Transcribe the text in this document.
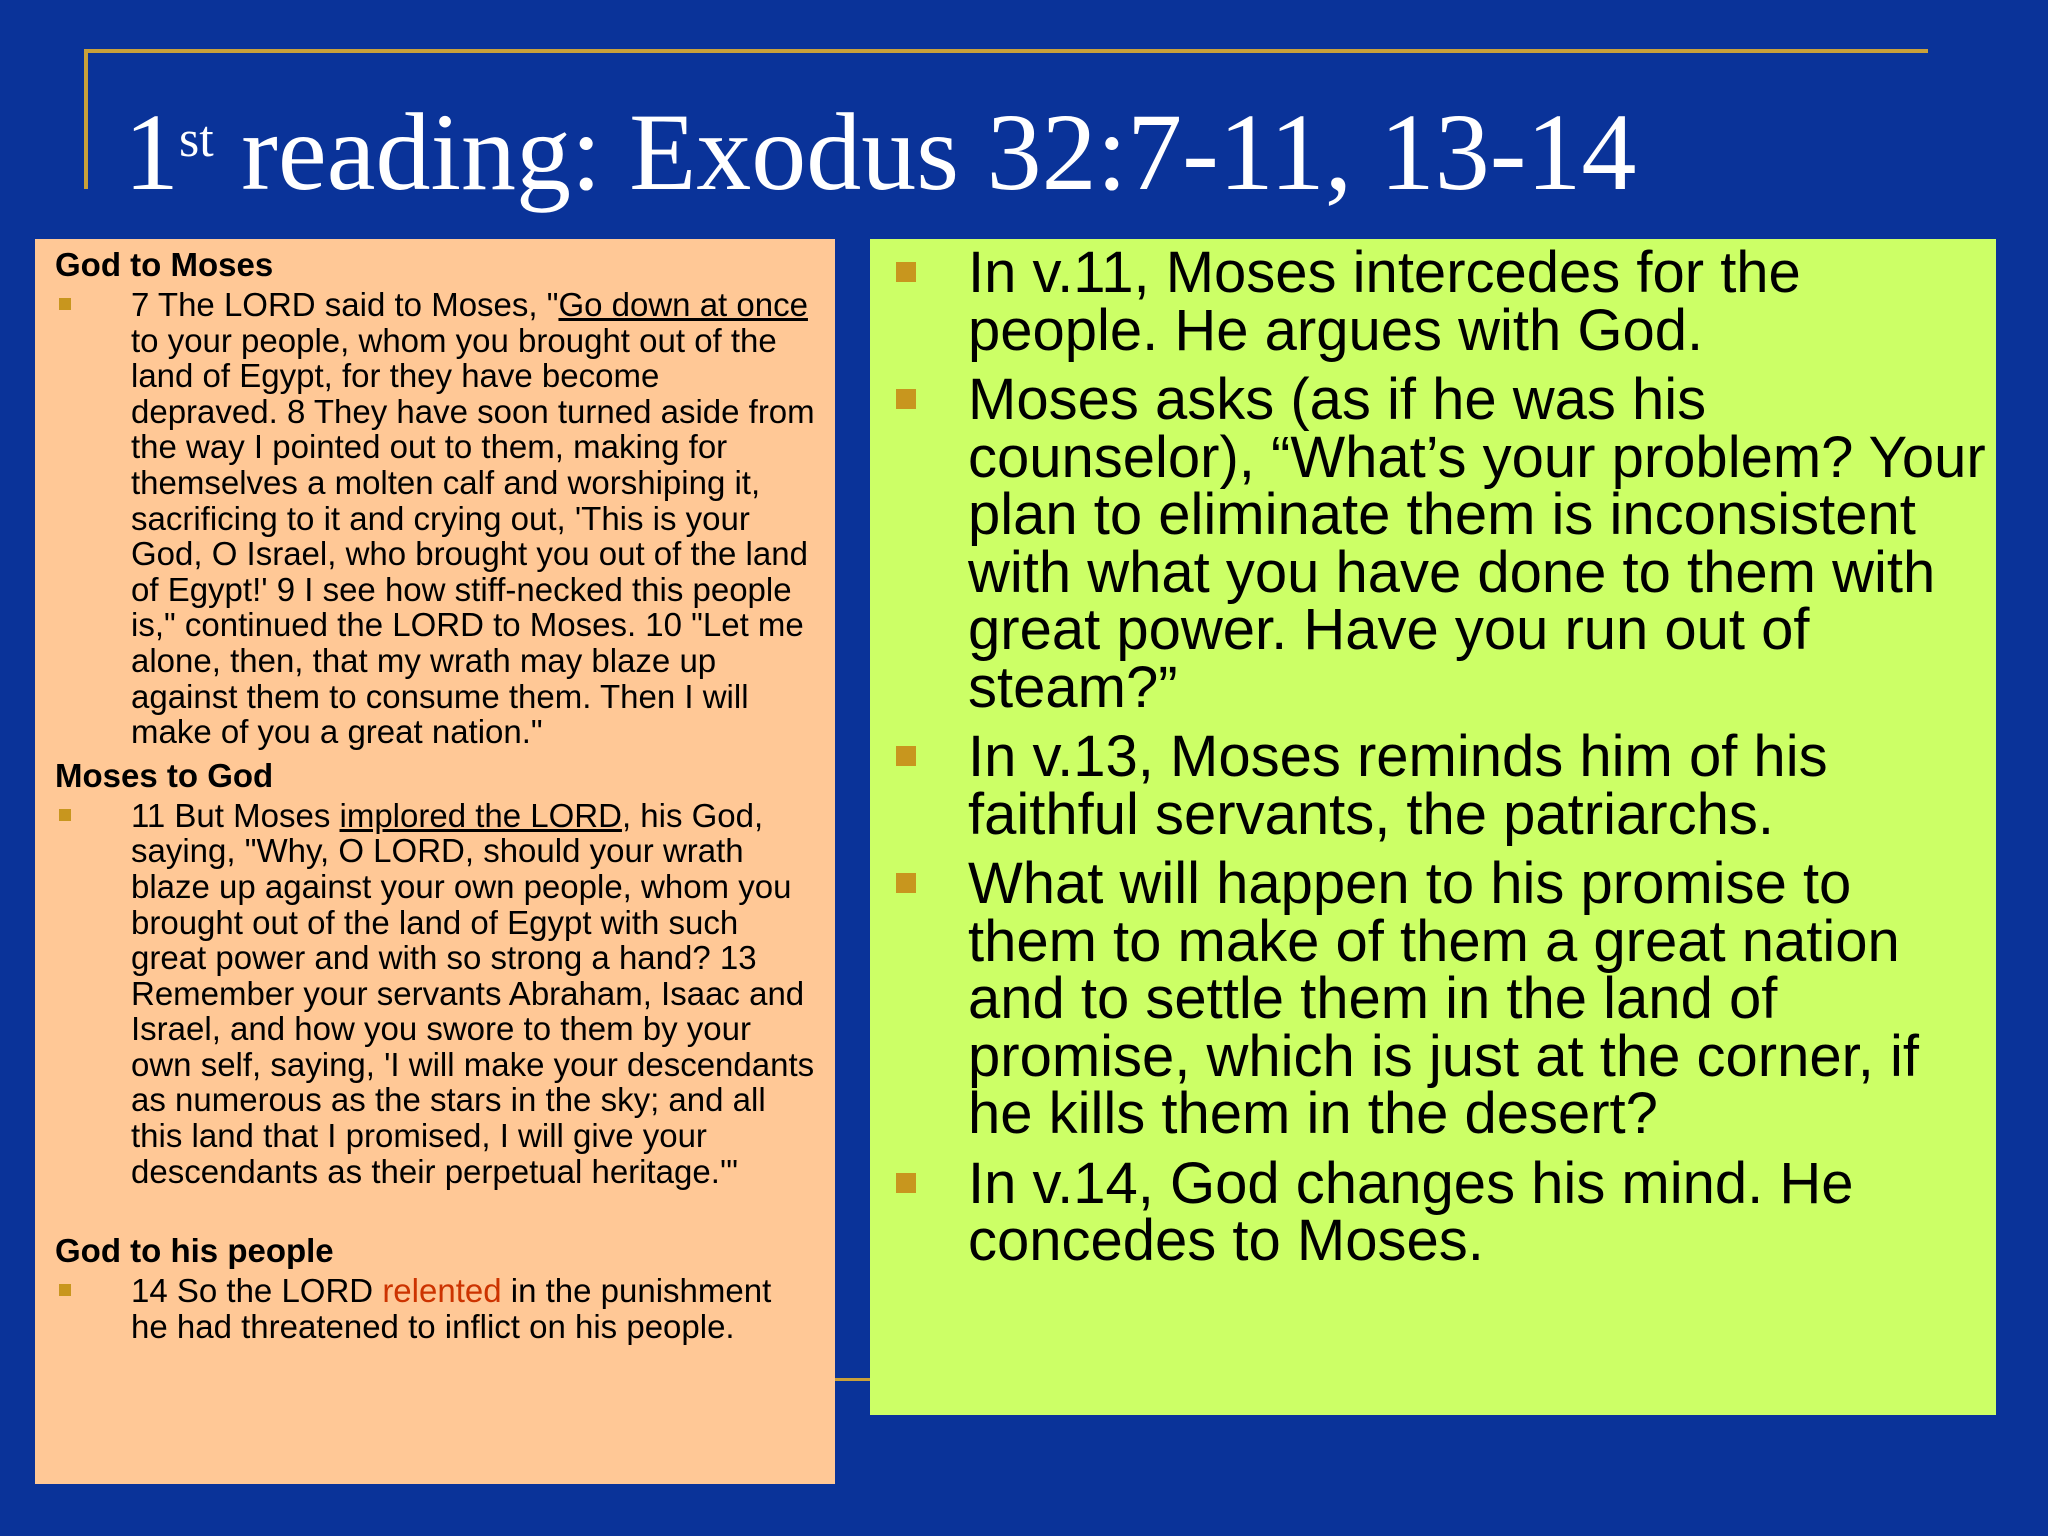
1st reading: Exodus 32:7-11, 13-14
God to Moses
7 The LORD said to Moses, "Go down at once to your people, whom you brought out of the land of Egypt, for they have become depraved. 8 They have soon turned aside from the way I pointed out to them, making for themselves a molten calf and worshiping it, sacrificing to it and crying out, 'This is your God, O Israel, who brought you out of the land of Egypt!' 9 I see how stiff-necked this people is," continued the LORD to Moses. 10 "Let me alone, then, that my wrath may blaze up against them to consume them. Then I will make of you a great nation."
Moses to God
11 But Moses implored the LORD, his God, saying, "Why, O LORD, should your wrath blaze up against your own people, whom you brought out of the land of Egypt with such great power and with so strong a hand? 13 Remember your servants Abraham, Isaac and Israel, and how you swore to them by your own self, saying, 'I will make your descendants as numerous as the stars in the sky; and all this land that I promised, I will give your descendants as their perpetual heritage.'"
God to his people
14 So the LORD relented in the punishment he had threatened to inflict on his people.
In v.11, Moses intercedes for the people. He argues with God.
Moses asks (as if he was his counselor), “What’s your problem? Your plan to eliminate them is inconsistent with what you have done to them with great power. Have you run out of steam?”
In v.13, Moses reminds him of his faithful servants, the patriarchs.
What will happen to his promise to them to make of them a great nation and to settle them in the land of promise, which is just at the corner, if he kills them in the desert?
In v.14, God changes his mind. He concedes to Moses.
